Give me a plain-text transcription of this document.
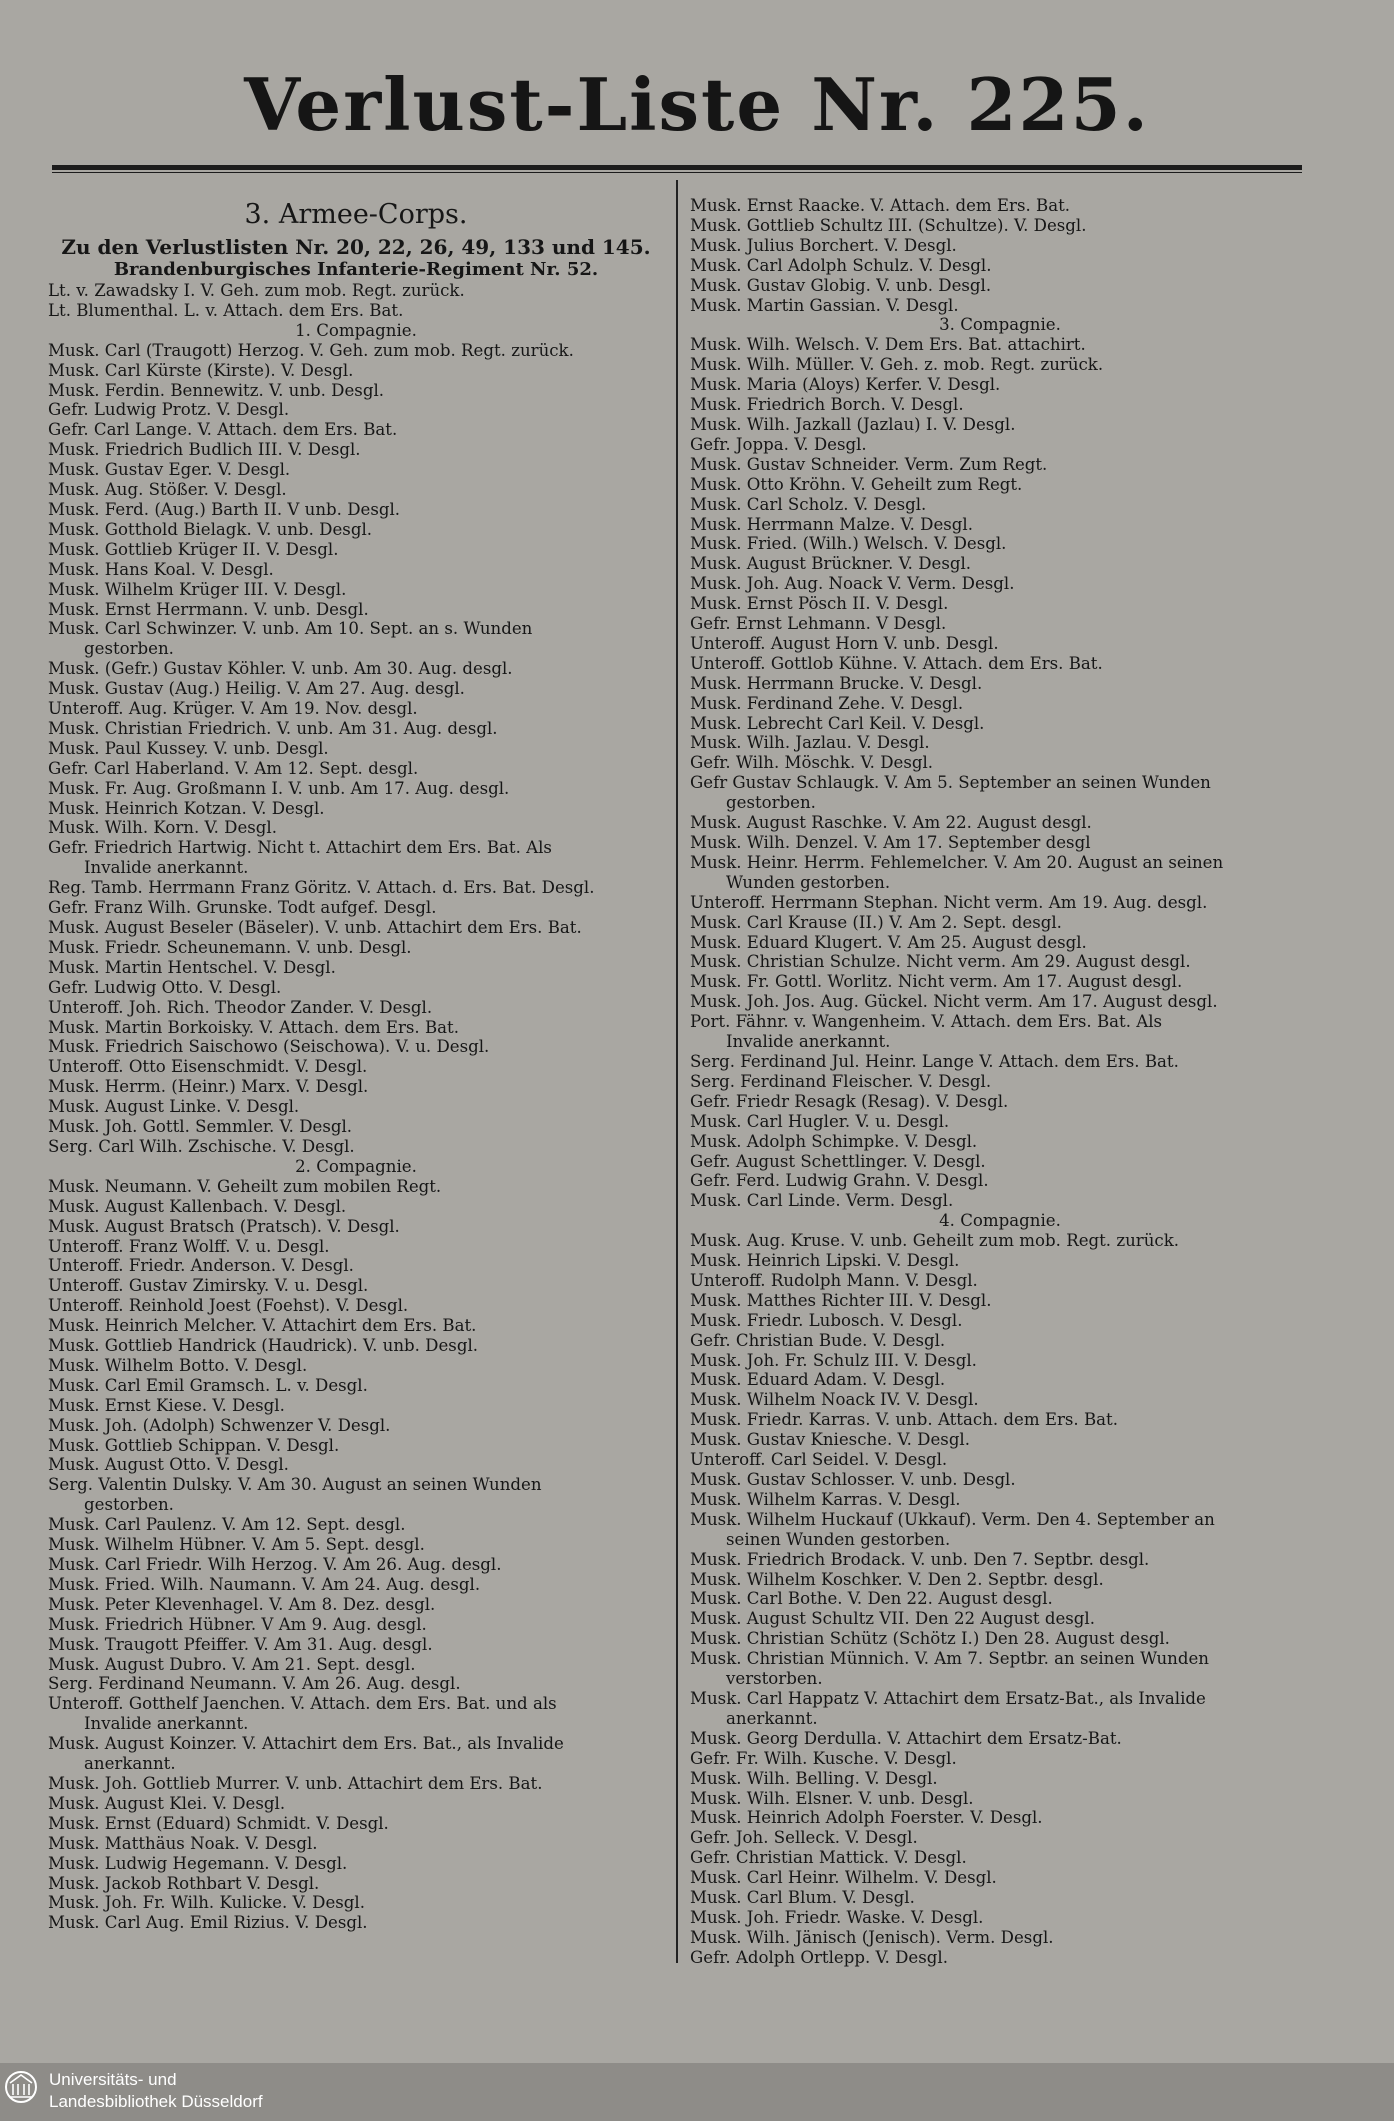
Verlust-Liste Nr. 225.
3. Armee-Corps.
Zu den Verlustlisten Nr. 20, 22, 26, 49, 133 und 145.
Brandenburgisches Infanterie-Regiment Nr. 52.
Lt. v. Zawadsky I. V. Geh. zum mob. Regt. zurück.
Lt. Blumenthal. L. v. Attach. dem Ers. Bat.
1. Compagnie.
Musk. Carl (Traugott) Herzog. V. Geh. zum mob. Regt. zurück.
Musk. Carl Kürste (Kirste). V. Desgl.
Musk. Ferdin. Bennewitz. V. unb. Desgl.
Gefr. Ludwig Protz. V. Desgl.
Gefr. Carl Lange. V. Attach. dem Ers. Bat.
Musk. Friedrich Budlich III. V. Desgl.
Musk. Gustav Eger. V. Desgl.
Musk. Aug. Stößer. V. Desgl.
Musk. Ferd. (Aug.) Barth II. V unb. Desgl.
Musk. Gotthold Bielagk. V. unb. Desgl.
Musk. Gottlieb Krüger II. V. Desgl.
Musk. Hans Koal. V. Desgl.
Musk. Wilhelm Krüger III. V. Desgl.
Musk. Ernst Herrmann. V. unb. Desgl.
Musk. Carl Schwinzer. V. unb. Am 10. Sept. an s. Wunden
gestorben.
Musk. (Gefr.) Gustav Köhler. V. unb. Am 30. Aug. desgl.
Musk. Gustav (Aug.) Heilig. V. Am 27. Aug. desgl.
Unteroff. Aug. Krüger. V. Am 19. Nov. desgl.
Musk. Christian Friedrich. V. unb. Am 31. Aug. desgl.
Musk. Paul Kussey. V. unb. Desgl.
Gefr. Carl Haberland. V. Am 12. Sept. desgl.
Musk. Fr. Aug. Großmann I. V. unb. Am 17. Aug. desgl.
Musk. Heinrich Kotzan. V. Desgl.
Musk. Wilh. Korn. V. Desgl.
Gefr. Friedrich Hartwig. Nicht t. Attachirt dem Ers. Bat. Als
Invalide anerkannt.
Reg. Tamb. Herrmann Franz Göritz. V. Attach. d. Ers. Bat. Desgl.
Gefr. Franz Wilh. Grunske. Todt aufgef. Desgl.
Musk. August Beseler (Bäseler). V. unb. Attachirt dem Ers. Bat.
Musk. Friedr. Scheunemann. V. unb. Desgl.
Musk. Martin Hentschel. V. Desgl.
Gefr. Ludwig Otto. V. Desgl.
Unteroff. Joh. Rich. Theodor Zander. V. Desgl.
Musk. Martin Borkoisky. V. Attach. dem Ers. Bat.
Musk. Friedrich Saischowo (Seischowa). V. u. Desgl.
Unteroff. Otto Eisenschmidt. V. Desgl.
Musk. Herrm. (Heinr.) Marx. V. Desgl.
Musk. August Linke. V. Desgl.
Musk. Joh. Gottl. Semmler. V. Desgl.
Serg. Carl Wilh. Zschische. V. Desgl.
2. Compagnie.
Musk. Neumann. V. Geheilt zum mobilen Regt.
Musk. August Kallenbach. V. Desgl.
Musk. August Bratsch (Pratsch). V. Desgl.
Unteroff. Franz Wolff. V. u. Desgl.
Unteroff. Friedr. Anderson. V. Desgl.
Unteroff. Gustav Zimirsky. V. u. Desgl.
Unteroff. Reinhold Joest (Foehst). V. Desgl.
Musk. Heinrich Melcher. V. Attachirt dem Ers. Bat.
Musk. Gottlieb Handrick (Haudrick). V. unb. Desgl.
Musk. Wilhelm Botto. V. Desgl.
Musk. Carl Emil Gramsch. L. v. Desgl.
Musk. Ernst Kiese. V. Desgl.
Musk. Joh. (Adolph) Schwenzer V. Desgl.
Musk. Gottlieb Schippan. V. Desgl.
Musk. August Otto. V. Desgl.
Serg. Valentin Dulsky. V. Am 30. August an seinen Wunden
gestorben.
Musk. Carl Paulenz. V. Am 12. Sept. desgl.
Musk. Wilhelm Hübner. V. Am 5. Sept. desgl.
Musk. Carl Friedr. Wilh Herzog. V. Am 26. Aug. desgl.
Musk. Fried. Wilh. Naumann. V. Am 24. Aug. desgl.
Musk. Peter Klevenhagel. V. Am 8. Dez. desgl.
Musk. Friedrich Hübner. V Am 9. Aug. desgl.
Musk. Traugott Pfeiffer. V. Am 31. Aug. desgl.
Musk. August Dubro. V. Am 21. Sept. desgl.
Serg. Ferdinand Neumann. V. Am 26. Aug. desgl.
Unteroff. Gotthelf Jaenchen. V. Attach. dem Ers. Bat. und als
Invalide anerkannt.
Musk. August Koinzer. V. Attachirt dem Ers. Bat., als Invalide
anerkannt.
Musk. Joh. Gottlieb Murrer. V. unb. Attachirt dem Ers. Bat.
Musk. August Klei. V. Desgl.
Musk. Ernst (Eduard) Schmidt. V. Desgl.
Musk. Matthäus Noak. V. Desgl.
Musk. Ludwig Hegemann. V. Desgl.
Musk. Jackob Rothbart V. Desgl.
Musk. Joh. Fr. Wilh. Kulicke. V. Desgl.
Musk. Carl Aug. Emil Rizius. V. Desgl.
Musk. Ernst Raacke. V. Attach. dem Ers. Bat.
Musk. Gottlieb Schultz III. (Schultze). V. Desgl.
Musk. Julius Borchert. V. Desgl.
Musk. Carl Adolph Schulz. V. Desgl.
Musk. Gustav Globig. V. unb. Desgl.
Musk. Martin Gassian. V. Desgl.
3. Compagnie.
Musk. Wilh. Welsch. V. Dem Ers. Bat. attachirt.
Musk. Wilh. Müller. V. Geh. z. mob. Regt. zurück.
Musk. Maria (Aloys) Kerfer. V. Desgl.
Musk. Friedrich Borch. V. Desgl.
Musk. Wilh. Jazkall (Jazlau) I. V. Desgl.
Gefr. Joppa. V. Desgl.
Musk. Gustav Schneider. Verm. Zum Regt.
Musk. Otto Kröhn. V. Geheilt zum Regt.
Musk. Carl Scholz. V. Desgl.
Musk. Herrmann Malze. V. Desgl.
Musk. Fried. (Wilh.) Welsch. V. Desgl.
Musk. August Brückner. V. Desgl.
Musk. Joh. Aug. Noack V. Verm. Desgl.
Musk. Ernst Pösch II. V. Desgl.
Gefr. Ernst Lehmann. V Desgl.
Unteroff. August Horn V. unb. Desgl.
Unteroff. Gottlob Kühne. V. Attach. dem Ers. Bat.
Musk. Herrmann Brucke. V. Desgl.
Musk. Ferdinand Zehe. V. Desgl.
Musk. Lebrecht Carl Keil. V. Desgl.
Musk. Wilh. Jazlau. V. Desgl.
Gefr. Wilh. Möschk. V. Desgl.
Gefr Gustav Schlaugk. V. Am 5. September an seinen Wunden
gestorben.
Musk. August Raschke. V. Am 22. August desgl.
Musk. Wilh. Denzel. V. Am 17. September desgl
Musk. Heinr. Herrm. Fehlemelcher. V. Am 20. August an seinen
Wunden gestorben.
Unteroff. Herrmann Stephan. Nicht verm. Am 19. Aug. desgl.
Musk. Carl Krause (II.) V. Am 2. Sept. desgl.
Musk. Eduard Klugert. V. Am 25. August desgl.
Musk. Christian Schulze. Nicht verm. Am 29. August desgl.
Musk. Fr. Gottl. Worlitz. Nicht verm. Am 17. August desgl.
Musk. Joh. Jos. Aug. Gückel. Nicht verm. Am 17. August desgl.
Port. Fähnr. v. Wangenheim. V. Attach. dem Ers. Bat. Als
Invalide anerkannt.
Serg. Ferdinand Jul. Heinr. Lange V. Attach. dem Ers. Bat.
Serg. Ferdinand Fleischer. V. Desgl.
Gefr. Friedr Resagk (Resag). V. Desgl.
Musk. Carl Hugler. V. u. Desgl.
Musk. Adolph Schimpke. V. Desgl.
Gefr. August Schettlinger. V. Desgl.
Gefr. Ferd. Ludwig Grahn. V. Desgl.
Musk. Carl Linde. Verm. Desgl.
4. Compagnie.
Musk. Aug. Kruse. V. unb. Geheilt zum mob. Regt. zurück.
Musk. Heinrich Lipski. V. Desgl.
Unteroff. Rudolph Mann. V. Desgl.
Musk. Matthes Richter III. V. Desgl.
Musk. Friedr. Lubosch. V. Desgl.
Gefr. Christian Bude. V. Desgl.
Musk. Joh. Fr. Schulz III. V. Desgl.
Musk. Eduard Adam. V. Desgl.
Musk. Wilhelm Noack IV. V. Desgl.
Musk. Friedr. Karras. V. unb. Attach. dem Ers. Bat.
Musk. Gustav Kniesche. V. Desgl.
Unteroff. Carl Seidel. V. Desgl.
Musk. Gustav Schlosser. V. unb. Desgl.
Musk. Wilhelm Karras. V. Desgl.
Musk. Wilhelm Huckauf (Ukkauf). Verm. Den 4. September an
seinen Wunden gestorben.
Musk. Friedrich Brodack. V. unb. Den 7. Septbr. desgl.
Musk. Wilhelm Koschker. V. Den 2. Septbr. desgl.
Musk. Carl Bothe. V. Den 22. August desgl.
Musk. August Schultz VII. Den 22 August desgl.
Musk. Christian Schütz (Schötz I.) Den 28. August desgl.
Musk. Christian Münnich. V. Am 7. Septbr. an seinen Wunden
verstorben.
Musk. Carl Happatz V. Attachirt dem Ersatz-Bat., als Invalide
anerkannt.
Musk. Georg Derdulla. V. Attachirt dem Ersatz-Bat.
Gefr. Fr. Wilh. Kusche. V. Desgl.
Musk. Wilh. Belling. V. Desgl.
Musk. Wilh. Elsner. V. unb. Desgl.
Musk. Heinrich Adolph Foerster. V. Desgl.
Gefr. Joh. Selleck. V. Desgl.
Gefr. Christian Mattick. V. Desgl.
Musk. Carl Heinr. Wilhelm. V. Desgl.
Musk. Carl Blum. V. Desgl.
Musk. Joh. Friedr. Waske. V. Desgl.
Musk. Wilh. Jänisch (Jenisch). Verm. Desgl.
Gefr. Adolph Ortlepp. V. Desgl.
Universitäts- und
Landesbibliothek Düsseldorf
